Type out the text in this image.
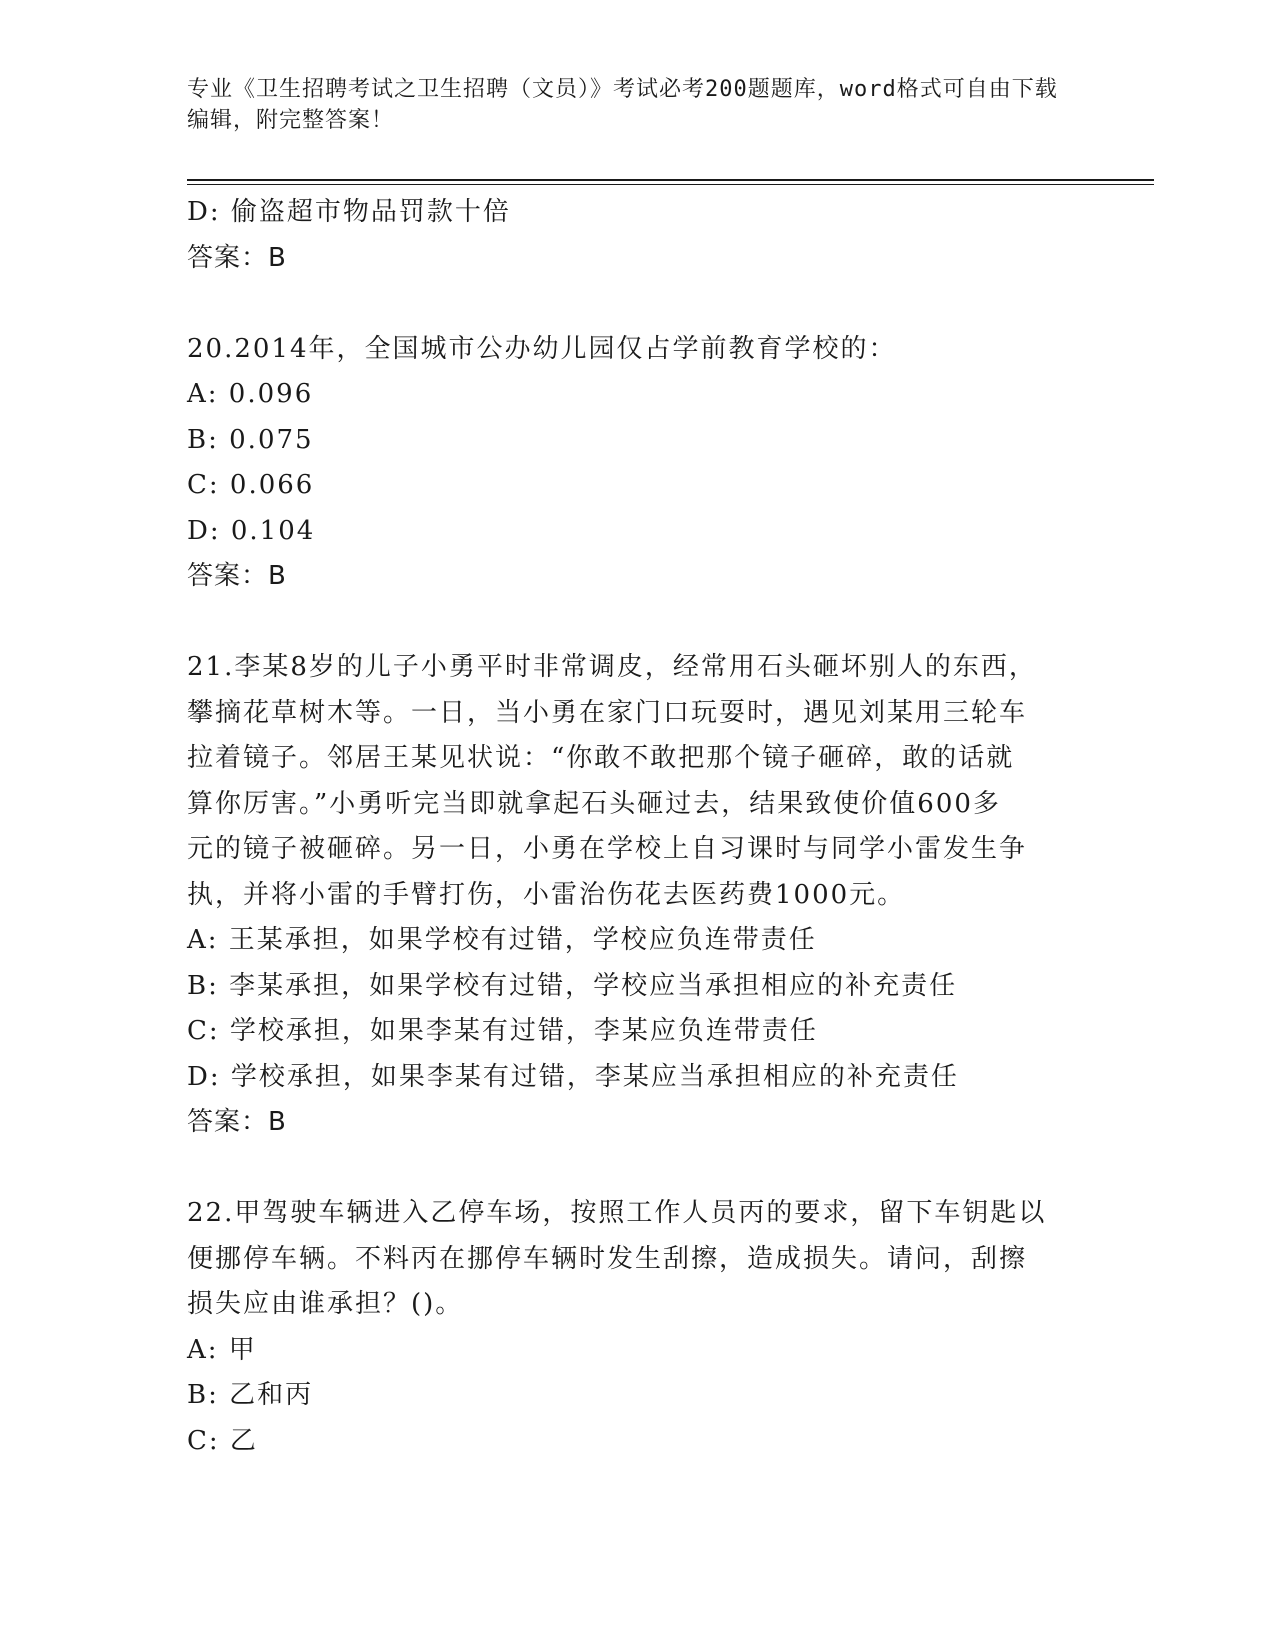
专业《卫生招聘考试之卫生招聘（文员）》考试必考200题题库，word格式可自由下载编辑，附完整答案！
D: 偷盗超市物品罚款十倍
答案：B
20.2014年，全国城市公办幼儿园仅占学前教育学校的：
A: 0.096
B: 0.075
C: 0.066
D: 0.104
答案：B
21.李某8岁的儿子小勇平时非常调皮，经常用石头砸坏别人的东西，
攀摘花草树木等。一日，当小勇在家门口玩耍时，遇见刘某用三轮车
拉着镜子。邻居王某见状说：“你敢不敢把那个镜子砸碎，敢的话就
算你厉害。”小勇听完当即就拿起石头砸过去，结果致使价值600多
元的镜子被砸碎。另一日，小勇在学校上自习课时与同学小雷发生争
执，并将小雷的手臂打伤，小雷治伤花去医药费1000元。
A: 王某承担，如果学校有过错，学校应负连带责任
B: 李某承担，如果学校有过错，学校应当承担相应的补充责任
C: 学校承担，如果李某有过错，李某应负连带责任
D: 学校承担，如果李某有过错，李某应当承担相应的补充责任
答案：B
22.甲驾驶车辆进入乙停车场，按照工作人员丙的要求，留下车钥匙以
便挪停车辆。不料丙在挪停车辆时发生刮擦，造成损失。请问，刮擦
损失应由谁承担？()。
A: 甲
B: 乙和丙
C: 乙
